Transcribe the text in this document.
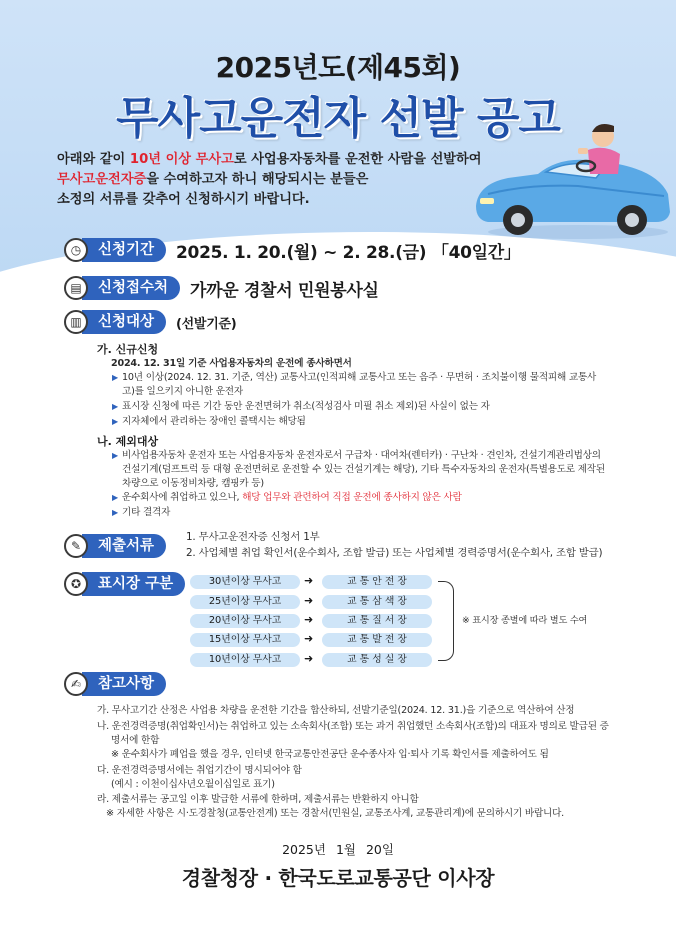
2025년도(제45회)
무사고운전자 선발 공고
아래와 같이 10년 이상 무사고로 사업용자동차를 운전한 사람을 선발하여
무사고운전자증을 수여하고자 하니 해당되시는 분들은
소정의 서류를 갖추어 신청하시기 바랍니다.
◷	신청기간	2025. 1. 20.(월) ~ 2. 28.(금) 「40일간」
▤	신청접수처	가까운 경찰서 민원봉사실
▥	신청대상	(선발기준)
가. 신규신청
2024. 12. 31일 기준 사업용자동차의 운전에 종사하면서
▶ 10년 이상(2024. 12. 31. 기준, 역산) 교통사고(인적피해 교통사고 또는 음주 · 무면허 · 조치불이행 물적피해 교통사
고)를 일으키지 아니한 운전자
▶ 표시장 신청에 따른 기간 동안 운전면허가 취소(적성검사 미필 취소 제외)된 사실이 없는 자
▶ 지자체에서 관리하는 장애인 콜택시는 해당됨
나. 제외대상
▶ 비사업용자동차 운전자 또는 사업용자동차 운전자로서 구급차 · 대여차(렌터카) · 구난차 · 견인차, 건설기계관리법상의
건설기계(덤프트럭 등 대형 운전면허로 운전할 수 있는 건설기계는 해당), 기타 특수자동차의 운전자(특별용도로 제작된
차량으로 이동정비차량, 캠핑카 등)
▶ 운수회사에 취업하고 있으나, 해당 업무와 관련하여 직접 운전에 종사하지 않은 사람
▶ 기타 결격자
✎	제출서류
1. 무사고운전자증 신청서 1부
2. 사업체별 취업 확인서(운수회사, 조합 발급) 또는 사업체별 경력증명서(운수회사, 조합 발급)
✪	표시장 구분	30년이상 무사고	➜	교 통 안 전 장
25년이상 무사고	➜	교 통 삼 색 장
20년이상 무사고	➜	교 통 질 서 장
15년이상 무사고	➜	교 통 발 전 장
10년이상 무사고	➜	교 통 성 실 장
※ 표시장 종별에 따라 별도 수여
✍	참고사항
가. 무사고기간 산정은 사업용 차량을 운전한 기간을 합산하되, 선발기준일(2024. 12. 31.)을 기준으로 역산하여 산정
나. 운전경력증명(취업확인서)는 취업하고 있는 소속회사(조합) 또는 과거 취업했던 소속회사(조합)의 대표자 명의로 발급된 증
명서에 한함
※ 운수회사가 폐업을 했을 경우, 인터넷 한국교통안전공단 운수종사자 입·퇴사 기록 확인서를 제출하여도 됨
다. 운전경력증명서에는 취업기간이 명시되어야 함
(예시 : 이천이십사년오월이십일로 표기)
라. 제출서류는 공고일 이후 발급한 서류에 한하며, 제출서류는 반환하지 아니함
※ 자세한 사항은 시·도경찰청(교통안전계) 또는 경찰서(민원실, 교통조사계, 교통관리계)에 문의하시기 바랍니다.
2025년 1월 20일
경찰청장 · 한국도로교통공단 이사장
